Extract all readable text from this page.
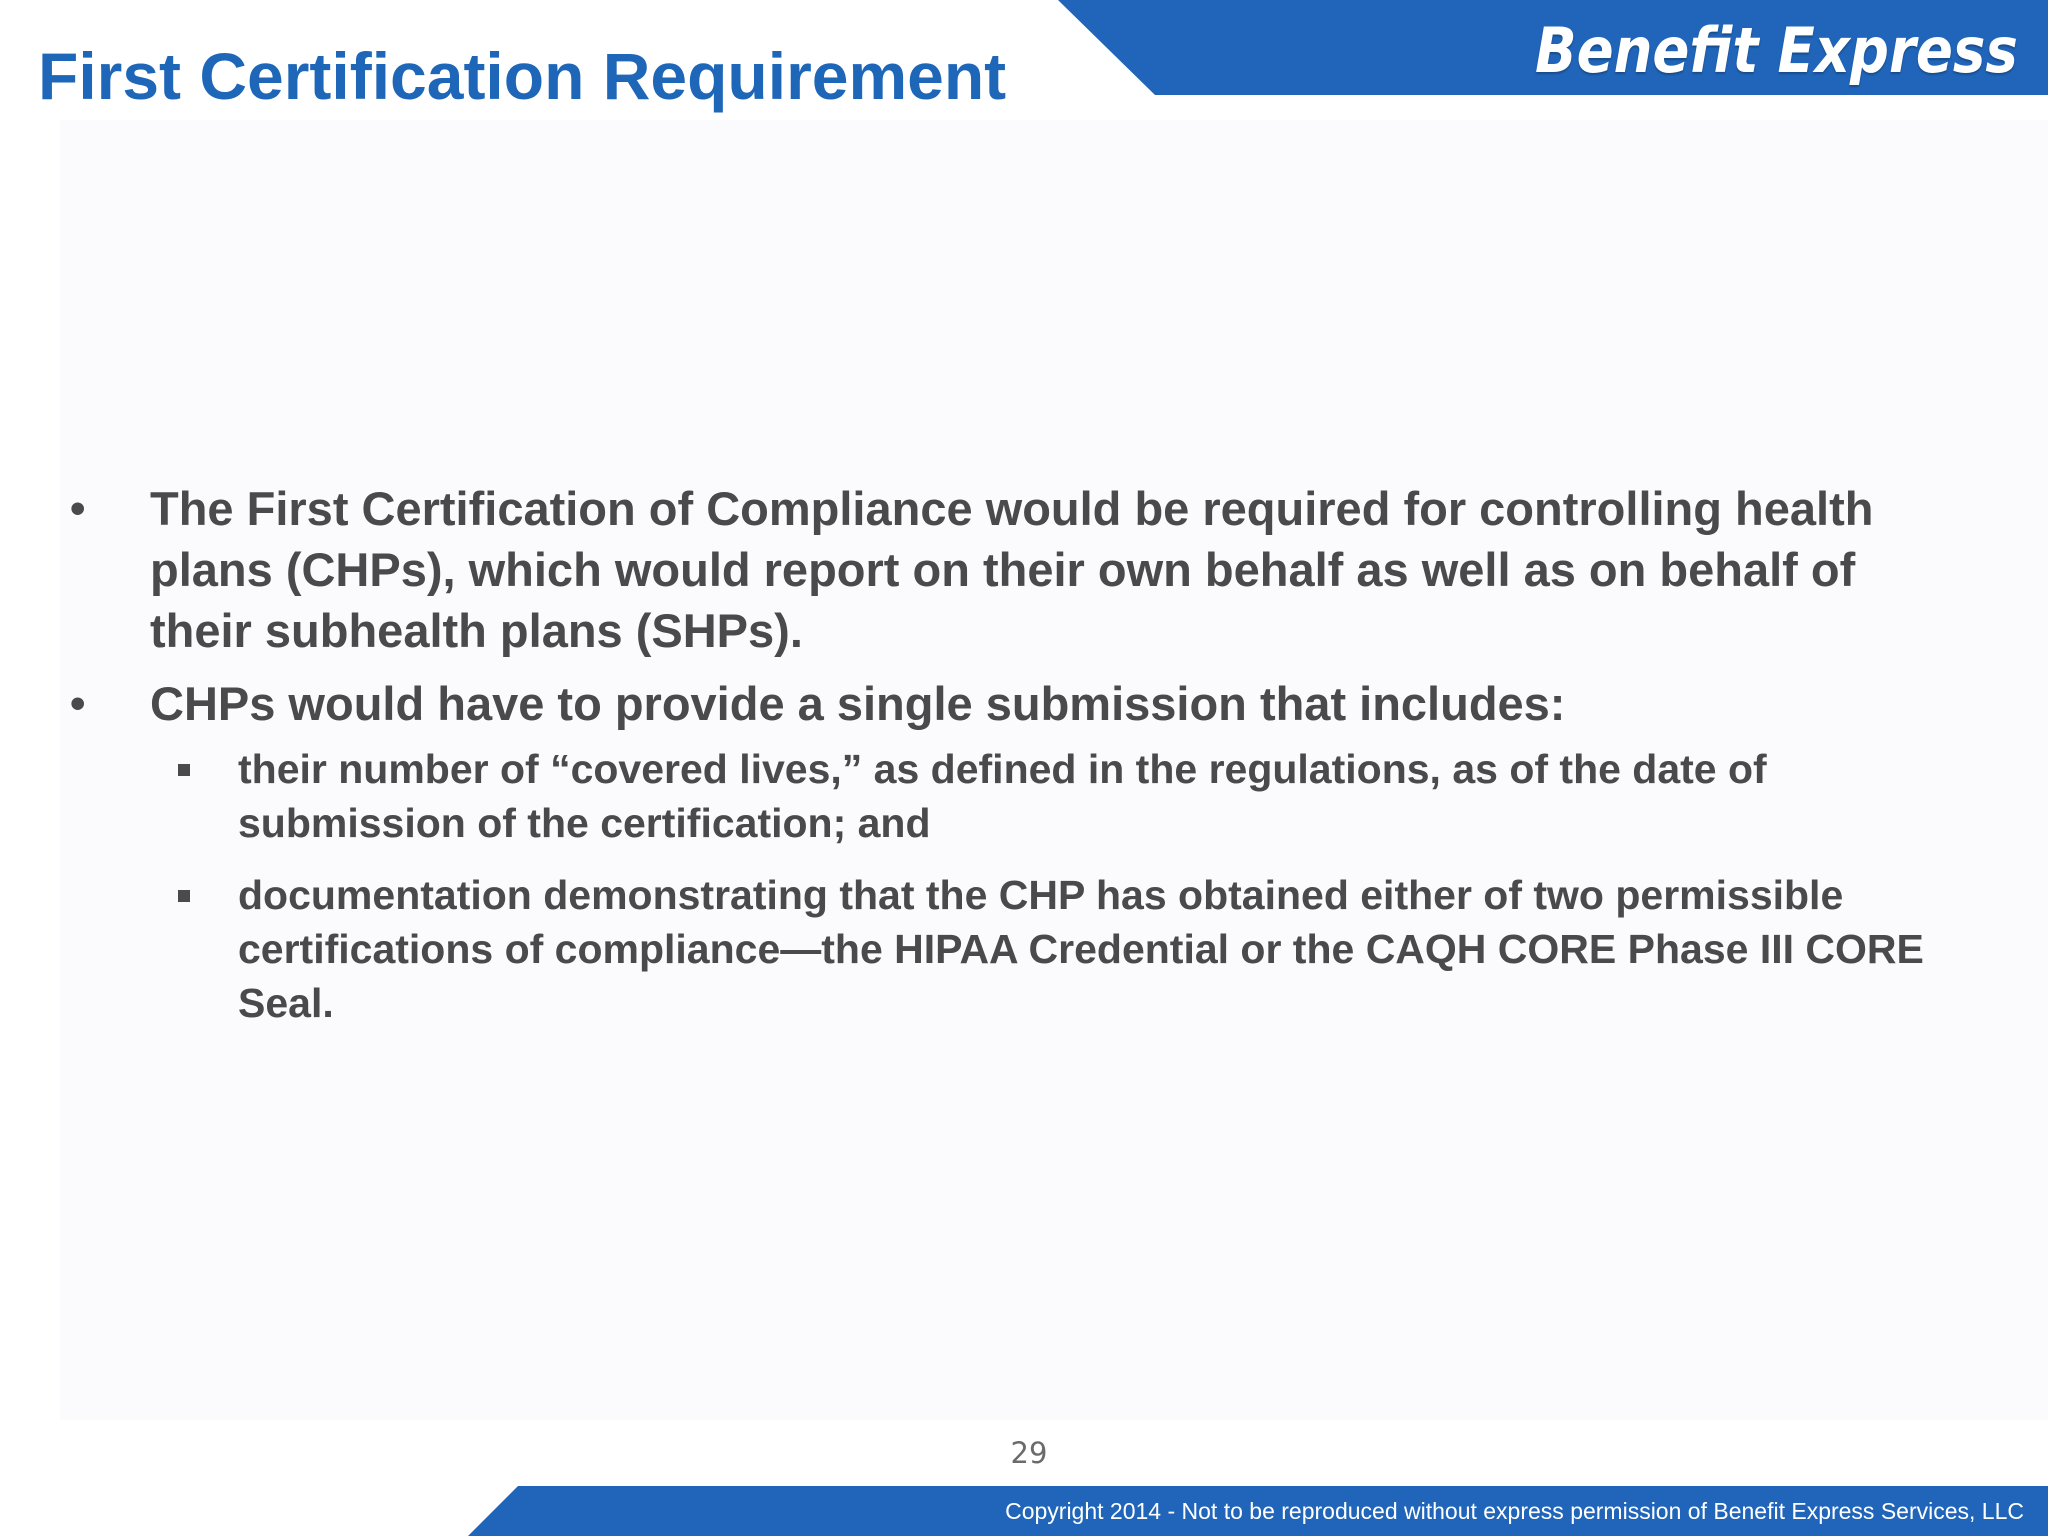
Benefit Express
First Certification Requirement
• The First Certification of Compliance would be required for controlling health plans (CHPs), which would report on their own behalf as well as on behalf of their subhealth plans (SHPs).
• CHPs would have to provide a single submission that includes:
their number of “covered lives,” as defined in the regulations, as of the date of submission of the certification; and
documentation demonstrating that the CHP has obtained either of two permissible certifications of compliance—the HIPAA Credential or the CAQH CORE Phase III CORE Seal.
29
Copyright 2014 - Not to be reproduced without express permission of Benefit Express Services, LLC
